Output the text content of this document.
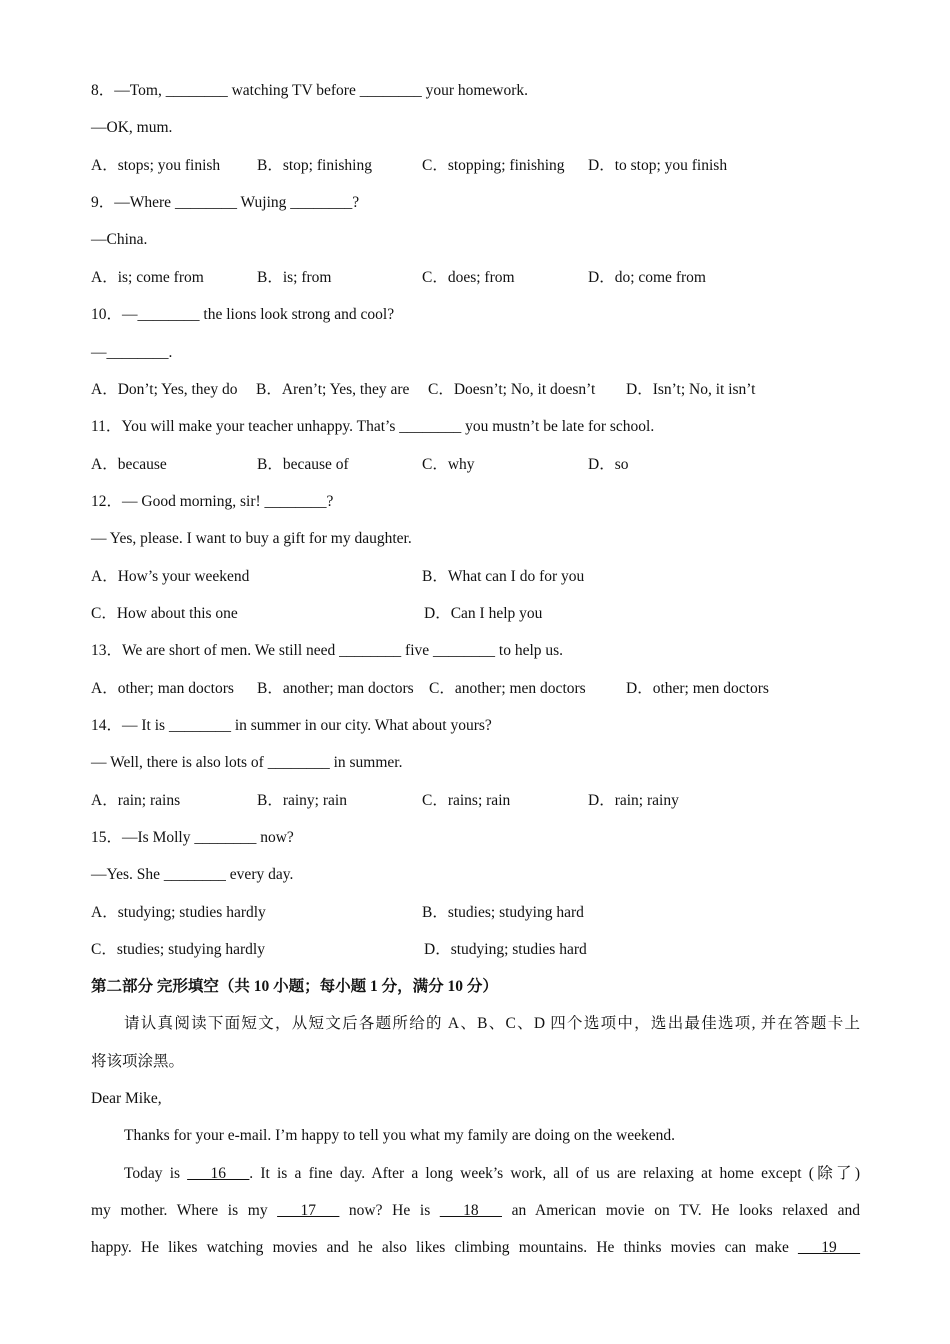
8．—Tom, ________ watching TV before ________ your homework.
—OK, mum.

A．stops; you finish

B．stop; finishing

	C．stopping; finishing

D．to stop; you finish

9．—Where ________ Wujing ________?
—China.

A．is; come from

	B．is; from

	C．does; from

	D．do; come from

10．—________ the lions look strong and cool?
—________.

A．Don’t; Yes, they do

B．Aren’t; Yes, they are

C．Doesn’t; No, it doesn’t

D．Isn’t; No, it isn’t

11．You will make your teacher unhappy. That’s ________ you mustn’t be late for school.

A．because

	B．because of

	C．why

	D．so

12．— Good morning, sir! ________?
— Yes, please. I want to buy a gift for my daughter.

A．How’s your weekend

	B．What can I do for you

C．How about this one

	D．Can I help you

13．We are short of men. We still need ________ five ________ to help us.

A．other; man doctors

B．another; man doctors

C．another; men doctors

	D．other; men doctors

14．— It is ________ in summer in our city. What about yours?
— Well, there is also lots of ________ in summer.

A．rain; rains

	B．rainy; rain

	C．rains; rain

	D．rain; rainy

15．—Is Molly ________ now?
—Yes. She ________ every day.

A．studying; studies hardly

	B．studies; studying hard

C．studies; studying hardly

	D．studying; studies hard

第二部分 完形填空（共 10 小题；每小题 1 分，满分 10 分）
请认真阅读下面短文，从短文后各题所给的 A、B、C、D 四个选项中，选出最佳选项, 并在答题卡上
将该项涂黑。
Dear Mike,
Thanks for your e-mail. I’m happy to tell you what my family are doing on the weekend.
Today is ___16___. It is a fine day. After a long week’s work, all of us are relaxing at home except (除了)
my mother. Where is my ___17___ now? He is ___18___ an American movie on TV. He looks relaxed and
happy. He likes watching movies and he also likes climbing mountains. He thinks movies can make ___19___
